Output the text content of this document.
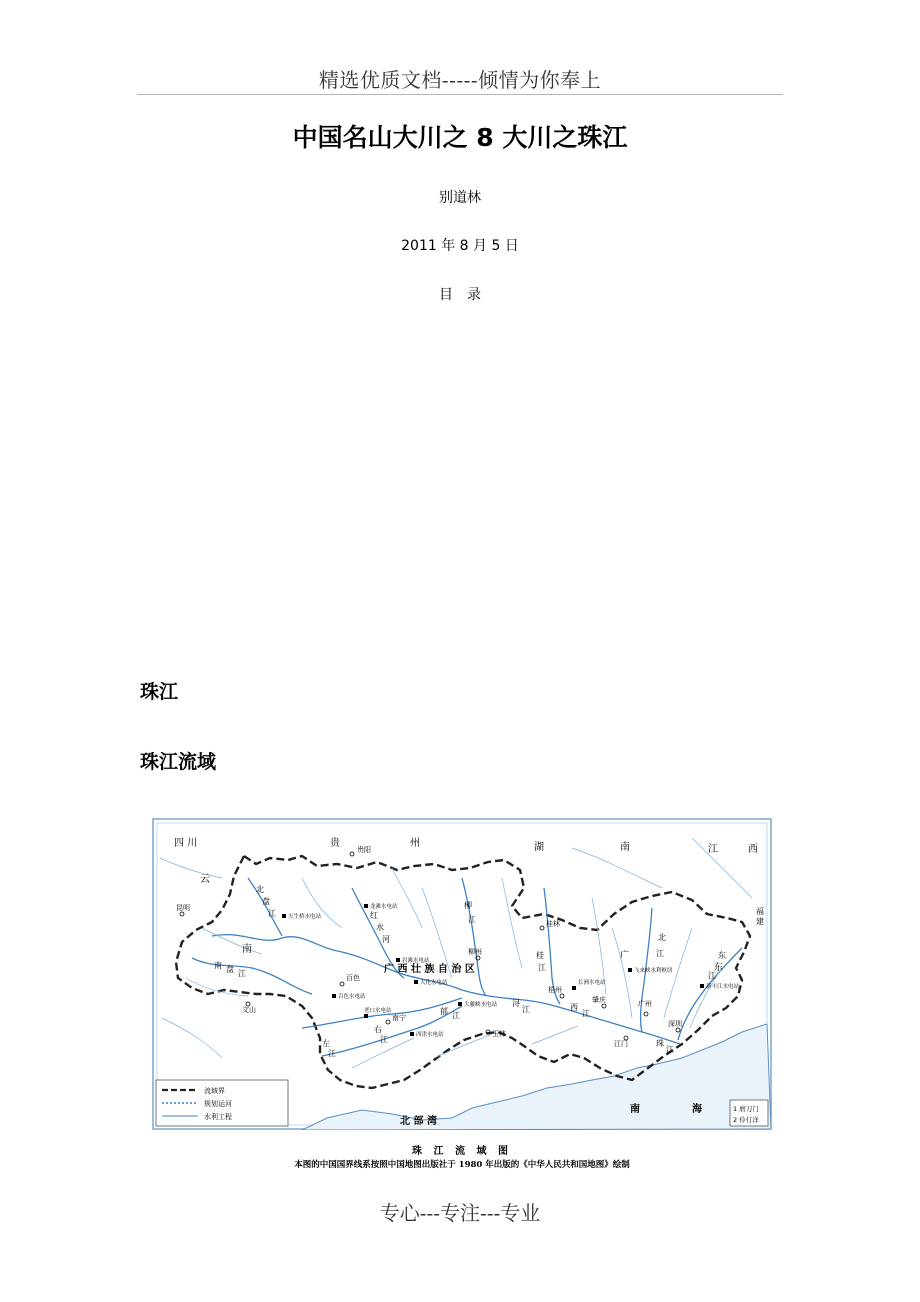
精选优质文档-----倾情为你奉上
中国名山大川之 8 大川之珠江
别道林
2011 年 8 月 5 日
目录
珠江
珠江流域
四 川	贵	州	湖	南	江	西
云
南
福
建
广 西 壮 族 自 治 区
广
东
北 部 湾
南	海
贵阳
昆明
南宁
广州
梧州
柳州
桂林
玉林
百色
文山
深圳
江门
肇庆
西
江
北
江	东
江
珠
江
红
水
河
右
江
左
江
郁 江
浔
江
南 盘 江
北
盘
江
柳
江
桂
江
天生桥水电站
龙滩水电站
岩滩水电站
大化水电站
百色水电站
大藤峡水电站
飞来峡水利枢纽
新丰江水电站
西津水电站
老口水电站
长洲水电站
流域界
规划运河
水利工程
1 磨刀门
2 伶仃洋
珠 江 流 域 图
本图的中国国界线系按照中国地图出版社于 1980 年出版的《中华人民共和国地图》绘制
专心---专注---专业
